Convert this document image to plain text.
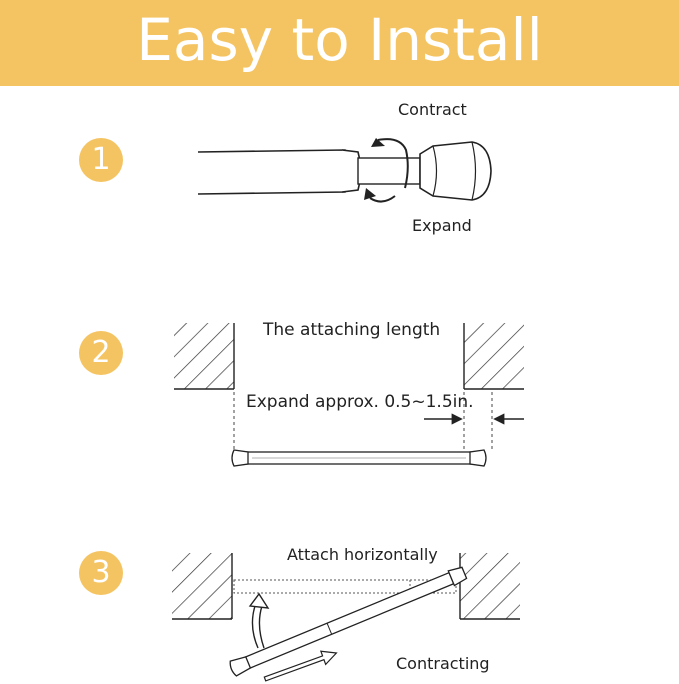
Easy to Install
1
2
3
Contract
Expand
The attaching length
Expand approx. 0.5~1.5in.
Attach horizontally
Contracting
